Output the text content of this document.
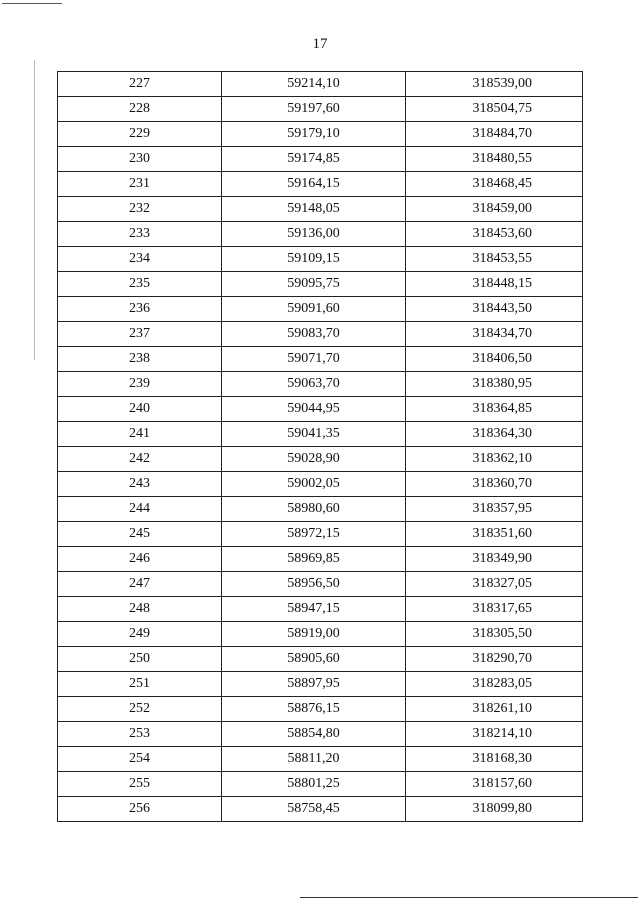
17
227	59214,10	318539,00
228	59197,60	318504,75
229	59179,10	318484,70
230	59174,85	318480,55
231	59164,15	318468,45
232	59148,05	318459,00
233	59136,00	318453,60
234	59109,15	318453,55
235	59095,75	318448,15
236	59091,60	318443,50
237	59083,70	318434,70
238	59071,70	318406,50
239	59063,70	318380,95
240	59044,95	318364,85
241	59041,35	318364,30
242	59028,90	318362,10
243	59002,05	318360,70
244	58980,60	318357,95
245	58972,15	318351,60
246	58969,85	318349,90
247	58956,50	318327,05
248	58947,15	318317,65
249	58919,00	318305,50
250	58905,60	318290,70
251	58897,95	318283,05
252	58876,15	318261,10
253	58854,80	318214,10
254	58811,20	318168,30
255	58801,25	318157,60
256	58758,45	318099,80
